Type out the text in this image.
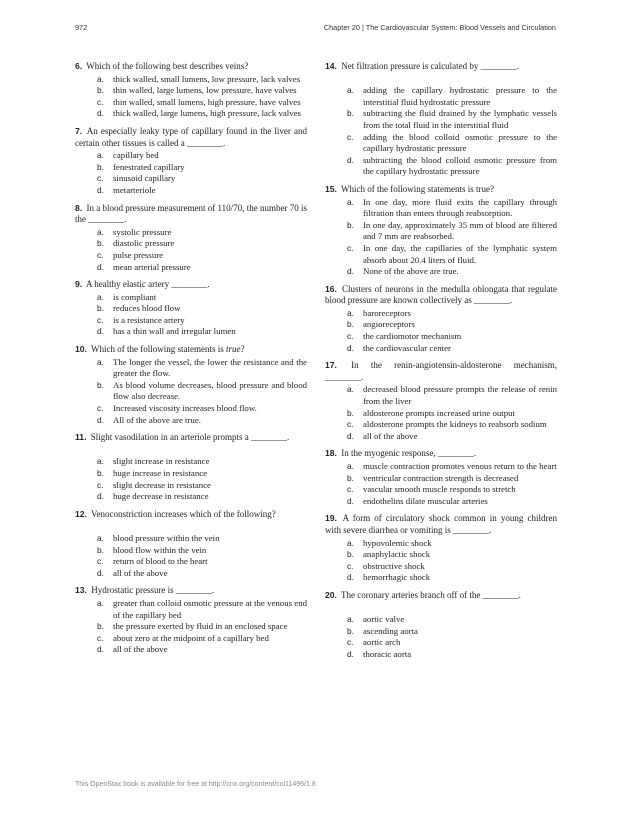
972	Chapter 20 | The Cardiovascular System: Blood Vessels and Circulation
6. Which of the following best describes veins?
a. thick walled, small lumens, low pressure, lack valves
b. thin walled, large lumens, low pressure, have valves
c. thin walled, small lumens, high pressure, have valves
d. thick walled, large lumens, high pressure, lack valves
7. An especially leaky type of capillary found in the liver and certain other tissues is called a ________.
a. capillary bed
b. fenestrated capillary
c. sinusoid capillary
d. metarteriole
8. In a blood pressure measurement of 110/70, the number 70 is the ________.
a. systolic pressure
b. diastolic pressure
c. pulse pressure
d. mean arterial pressure
9. A healthy elastic artery ________.
a. is compliant
b. reduces blood flow
c. is a resistance artery
d. has a thin wall and irregular lumen
10. Which of the following statements is true?
a. The longer the vessel, the lower the resistance and the greater the flow.
b. As blood volume decreases, blood pressure and blood flow also decrease.
c. Increased viscosity increases blood flow.
d. All of the above are true.
11. Slight vasodilation in an arteriole prompts a ________.
a. slight increase in resistance
b. huge increase in resistance
c. slight decrease in resistance
d. huge decrease in resistance
12. Venoconstriction increases which of the following?
a. blood pressure within the vein
b. blood flow within the vein
c. return of blood to the heart
d. all of the above
13. Hydrostatic pressure is ________.
a. greater than colloid osmotic pressure at the venous end of the capillary bed
b. the pressure exerted by fluid in an enclosed space
c. about zero at the midpoint of a capillary bed
d. all of the above
14. Net filtration pressure is calculated by ________.
a. adding the capillary hydrostatic pressure to the interstitial fluid hydrostatic pressure
b. subtracting the fluid drained by the lymphatic vessels from the total fluid in the interstitial fluid
c. adding the blood colloid osmotic pressure to the capillary hydrostatic pressure
d. subtracting the blood colloid osmotic pressure from the capillary hydrostatic pressure
15. Which of the following statements is true?
a. In one day, more fluid exits the capillary through filtration than enters through reabsorption.
b. In one day, approximately 35 mm of blood are filtered and 7 mm are reabsorbed.
c. In one day, the capillaries of the lymphatic system absorb about 20.4 liters of fluid.
d. None of the above are true.
16. Clusters of neurons in the medulla oblongata that regulate blood pressure are known collectively as ________.
a. baroreceptors
b. angioreceptors
c. the cardiomotor mechanism
d. the cardiovascular center
17. In the renin-angiotensin-aldosterone mechanism, ________.
a. decreased blood pressure prompts the release of renin from the liver
b. aldosterone prompts increased urine output
c. aldosterone prompts the kidneys to reabsorb sodium
d. all of the above
18. In the myogenic response, ________.
a. muscle contraction promotes venous return to the heart
b. ventricular contraction strength is decreased
c. vascular smooth muscle responds to stretch
d. endothelins dilate muscular arteries
19. A form of circulatory shock common in young children with severe diarrhea or vomiting is ________.
a. hypovolemic shock
b. anaphylactic shock
c. obstructive shock
d. hemorrhagic shock
20. The coronary arteries branch off of the ________.
a. aortic valve
b. ascending aorta
c. aortic arch
d. thoracic aorta
This OpenStax book is available for free at http://cnx.org/content/col11496/1.8
